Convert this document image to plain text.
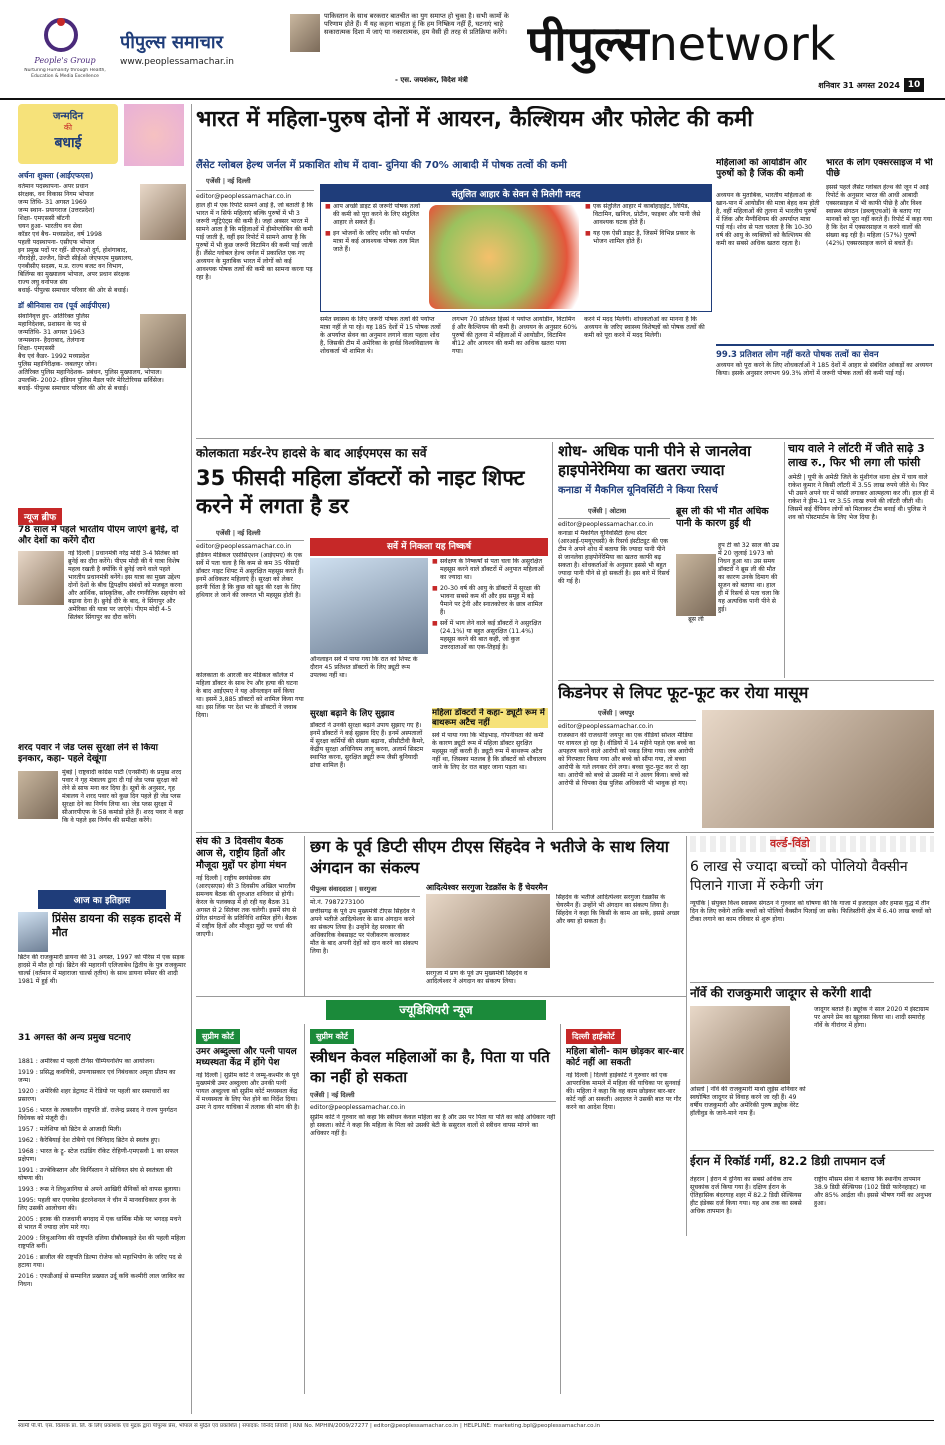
People's Group
Nurturing Humanity through Health, Education & Media Excellence
पीपुल्स समाचार
www.peoplessamachar.in
पाकिस्तान के साथ बरकरार बातचीत का युग समाप्त हो चुका है। सभी कामों के परिणाम होते हैं। मैं यह कहना चाहता हूं कि हम निष्क्रिय नहीं हैं, घटनाएं चाहे सकारात्मक दिशा में जाएं या नकारात्मक, हम वैसी ही तरह से प्रतिक्रिया करेंगे।
- एस. जयशंकर, विदेश मंत्री
पीपुल्सnetwork
शनिवार 31 अगस्त 2024 10
जन्मदिन
की
बधाई
अर्चना शुक्ला (आईएफएस)
वर्तमान पदस्थापना- अपर प्रधान
संरक्षक, वन विकास निगम भोपाल
जन्म तिथि- 31 अगस्त 1969
जन्म स्थान- प्रयागराज (उत्तरप्रदेश)
शिक्षा- एमएससी बॉटनी
चयन हुआ- भारतीय वन सेवा
कॉडर एवं बैच- मध्यप्रदेश, वर्ष 1998
पहली पदस्थापना- एसीएफ भोपाल
इन प्रमुख पदों पर रहीं- डीएफओ दुर्ग, होशंगाबाद,
नौरादेही, उज्जैन, डिप्टी सीईओ जेएफएम मुख्यालय,
एनबीसीए सदस्य, म.प्र. राज्य बजट वन विभाग,
बिलिंग्स का मुख्यालय भोपाल, अपर प्रधान संरक्षक
राज्य लघु वनोपज संघ
बधाई- पीपुल्स समाचार परिवार की ओर से बधाई।
डॉ श्रीनिवास राव (पूर्व आईपीएस)
सेवानिवृत्त हुए- अतिरिक्त पुलिस
महानिदेशक, प्रशासन के पद से
जन्मतिथि- 31 अगस्त 1963
जन्मस्थान- हैदराबाद, तेलंगाना
शिक्षा- एमएससी
बैच एवं कैडर- 1992 मध्यप्रदेश
पुलिस महानिरीक्षक- जबलपुर जोन।
अतिरिक्त पुलिस महानिदेशक- प्रबंधन, पुलिस मुख्यालय, भोपाल।
उपलब्धि- 2002- इंडियन पुलिस मैडल फॉर मेरिटोरियस सर्विसेज।
बधाई- पीपुल्स समाचार परिवार की ओर से बधाई।
न्यूज ब्रीफ
78 साल में पहले भारतीय पीएम जाएंगे ब्रुनेई, दो और देशों का करेंगे दौरा
नई दिल्ली | प्रधानमंत्री नरेंद्र मोदी 3-4 सितंबर को ब्रुनेई का दौरा करेंगे। पीएम मोदी की ये यात्रा विशेष महत्व रखती है क्योंकि ये ब्रुनेई जाने वाले पहले भारतीय प्रधानमंत्री बनेंगे। इस यात्रा का मुख्य उद्देश्य दोनों देशों के बीच द्विपक्षीय संबंधों को मजबूत करना और आर्थिक, सांस्कृतिक, और रणनीतिक सहयोग को बढ़ावा देना है। ब्रुनेई दौरे के बाद, वे सिंगापुर और अमेरिका की यात्रा पर जाएंगे। पीएम मोदी 4-5 सितंबर सिंगापुर का दौरा करेंगे।
शरद पवार ने जेड प्लस सुरक्षा लेने से किया इनकार, कहा- पहले देखूंगा
मुंबई | राष्ट्रवादी कांग्रेस पार्टी (एनसीपी) के प्रमुख शरद पवार ने गृह मंत्रालय द्वारा दी गई जेड प्लस सुरक्षा को लेने से साफ मना कर दिया है। सूत्रों के अनुसार, गृह मंत्रालय ने शरद पवार को कुछ दिन पहले ही जेड प्लस सुरक्षा देने का निर्णय लिया था। जेड प्लस सुरक्षा में सीआरपीएफ के 58 कमांडो होते हैं। शरद पवार ने कहा कि वे पहले इस निर्णय की समीक्षा करेंगे।
आज का इतिहास
प्रिंसेस डायना की सड़क हादसे में मौत
ब्रिटेन की राजकुमारी डायना की 31 अगस्त, 1997 को पेरिस में एक सड़क हादसे में मौत हो गई। ब्रिटेन की महारानी एलिजाबेथ द्वितीय के पुत्र राजकुमार चार्ल्स (वर्तमान में महाराजा चार्ल्स तृतीय) के साथ डायना स्पेंसर की शादी 1981 में हुई थी।
31 अगस्त की अन्य प्रमुख घटनाएं
1881 : अमेरिका में पहली टेनिस चैम्पियनशिप का आयोजन।
1919 : प्रसिद्ध कवयित्री, उपन्यासकार एवं निबंधकार अमृता प्रीतम का जन्म।
1920 : अमेरिकी शहर डेट्रायट में रेडियो पर पहली बार समाचारों का प्रसारण।
1956 : भारत के तत्कालीन राष्ट्रपति डॉ. राजेन्द्र प्रसाद ने राज्य पुनर्गठन विधेयक को मंजूरी दी।
1957 : मलेशिया को ब्रिटेन से आजादी मिली।
1962 : कैरेबियाई देश टोबैगो एवं त्रिनिदाद ब्रिटेन से स्वतंत्र हुए।
1968 : भारत के ट्रू- स्टेज राउंडिंग रॉकेट रोहिणी-एमएसवी 1 का सफल प्रक्षेपण।
1991 : उज्बेकिस्तान और किर्गिस्तान ने सोवियत संघ से स्वतंत्रता की घोषणा की।
1993 : रूस ने लिथुआनिया से अपने आखिरी सैनिकों को वापस बुलाया।
1995: पहली बार एयरबेस इंटरनेशनल ने चीन में मानवाधिकार हनन के लिए उसकी आलोचना की।
2005 : इराक की राजधानी बगदाद में एक धार्मिक मौके पर भगदड़ मचने से भारत मैं ज्यादा लोग मारे गए।
2009 : लिथुआनिया की राष्ट्रपति दलिया ग्रीबौस्काइते देश की पहली महिला राष्ट्रपति बनीं।
2016 : ब्राजील की राष्ट्रपति डिल्मा रोजेफ को महाभियोग के जरिए पद से हटाया गया।
2016 : एफडीआई से सम्मानित प्रख्यात उर्दू कवि कश्मीरी लाल जाकिर का निधन।
भारत में महिला-पुरुष दोनों में आयरन, कैल्शियम और फोलेट की कमी
लैंसेट ग्लोबल हेल्थ जर्नल में प्रकाशित शोध में दावा- दुनिया की 70% आबादी में पोषक तत्वों की कमी
एजेंसी | नई दिल्ली
editor@peoplessamachar.co.in
हाल ही में एक रिपोर्ट सामने आई है, जो बताती है कि भारत में न सिर्फ महिलाएं बल्कि पुरुषों में भी 3 जरूरी न्यूट्रिएंट्स की कमी है। जहां अक्सर भारत में सामने आता है कि महिलाओं में हीमोग्लोबिन की कमी पाई जाती है, वहीं इस रिपोर्ट में सामने आया है कि पुरुषों में भी कुछ जरूरी विटामिन की कमी पाई जाती है। लैंसेट ग्लोबल हेल्थ जर्नल में प्रकाशित एक नए अध्ययन के मुताबिक भारत में लोगों को कई आवश्यक पोषक तत्वों की कमी का सामना करना पड़ रहा है।
संतुलित आहार के सेवन से मिलेगी मदद
■ आप अच्छी डाइट से जरूरी पोषक तत्वों की कमी को पूरा करने के लिए संतुलित आहार ले सकते हैं।
■ इन भोजनों के जरिए शरीर को पर्याप्त मात्रा में कई आवश्यक पोषक तत्व मिल जाते हैं।
■ एक संतुलित आहार में कार्बोहाइड्रेट, लिपिड, विटामिन, खनिज, प्रोटीन, फाइबर और पानी जैसे आवश्यक घटक होते हैं।
■ यह एक ऐसी डाइट है, जिसमें विभिन्न प्रकार के भोजन शामिल होते हैं।
समेत स्वास्थ्य के लिए जरूरी पोषक तत्वों की पर्याप्त मात्रा नहीं ले पा रहे। यह 185 देशों में 15 पोषक तत्वों के अपर्याप्त सेवन का अनुमान लगाने वाला पहला शोध है, जिसकी टीम में अमेरिका के हार्वर्ड विश्वविद्यालय के शोधकर्ता भी शामिल थे।
लगभग 70 प्रतिशत हिस्से ने पर्याप्त आयोडीन, विटामिन ई और कैल्शियम की कमी है। अध्ययन के अनुसार 60% पुरुषों की तुलना में महिलाओं में आयोडीन, विटामिन बी12 और आयरन की कमी का अधिक खतरा पाया गया।
करने में मदद मिलेगी। शोधकर्ताओं का मानना है कि अध्ययन के जरिए स्वास्थ्य विशेषज्ञों को पोषक तत्वों की कमी को पूरा करने में मदद मिलेगी।
महिलाओं को आयोडीन और पुरुषों को है जिंक की कमी
अध्ययन के मुताबिक, भारतीय महिलाओं के खान-पान में आयोडीन की मात्रा बेहद कम होती है, वहीं महिलाओं की तुलना में भारतीय पुरुषों में जिंक और मैग्नीशियम की अपर्याप्त मात्रा पाई गई। शोध से पता चलता है कि 10-30 वर्ष की आयु के व्यक्तियों को कैल्शियम की कमी का सबसे अधिक खतरा रहता है।
भारत के लोग एक्सरसाइज में भी पीछे
इससे पहले लैंसेट ग्लोबल हेल्थ की जून में आई रिपोर्ट के अनुसार भारत की आधी आबादी एक्सरसाइज में भी काफी पीछे है और विश्व स्वास्थ्य संगठन (डब्ल्यूएचओ) के बताए गए मानकों को पूरा नहीं करते हैं। रिपोर्ट में कहा गया है कि देश में एक्सरसाइज न करने वालों की संख्या बढ़ रही है। महिला (57%) पुरुषों (42%) एक्सरसाइज करने से बचते हैं।
99.3 प्रतिशत लोग नहीं करते पोषक तत्वों का सेवन
अध्ययन को पूरा करने के लिए शोधकर्ताओं ने 185 देशों में आहार से संबंधित आंकड़ों का अध्ययन किया। इसके अनुसार लगभग 99.3% लोगों में जरूरी पोषक तत्वों की कमी पाई गई।
कोलकाता मर्डर-रेप हादसे के बाद आईएमएस का सर्वे
35 फीसदी महिला डॉक्टरों को नाइट शिफ्ट करने में लगता है डर
एजेंसी | नई दिल्ली
editor@peoplessamachar.co.in
इंडियन मेडिकल एसोसिएशन (आईएमए) के एक सर्वे में पता चला है कि कम से कम 35 फीसदी डॉक्टर नाइट शिफ्ट में असुरक्षित महसूस करते हैं। इनमें अधिकतर महिलाएं हैं। सुरक्षा को लेकर इतनी चिंता है कि कुछ को खुद की रक्षा के लिए हथियार ले जाने की जरूरत भी महसूस होती है।
कोलकाता के आरजी कर मेडिकल कॉलेज में महिला डॉक्टर के साथ रेप और हत्या की घटना के बाद आईएमए ने यह ऑनलाइन सर्वे किया था। इसमें 3,885 डॉक्टरों को शामिल किया गया था। इस लिंक पर देश भर के डॉक्टरों ने जवाब दिया।
सर्वे में निकला यह निष्कर्ष
ऑनलाइन सर्वे में पाया गया कि रात को शिफ्ट के दौरान 45 प्रतिशत डॉक्टरों के लिए ड्यूटी रूम उपलब्ध नहीं था।
■ सर्वेक्षण के निष्कर्षों से पता चला कि असुरक्षित महसूस करने वाले डॉक्टरों में अनुपात महिलाओं का ज्यादा था।
■ 20-30 वर्ष की आयु के डॉक्टरों में सुरक्षा की भावना सबसे कम थी और इस समूह में बड़े पैमाने पर ट्रेनी और स्नातकोत्तर के छात्र शामिल हैं।
■ सर्वे में भाग लेने वाले कई डॉक्टरों ने असुरक्षित (24.1%) या बहुत असुरक्षित (11.4%) महसूस करने की बात कही, जो कुल उत्तरदाताओं का एक-तिहाई है।
सुरक्षा बढ़ाने के लिए सुझाव
डॉक्टरों ने उनकी सुरक्षा बढ़ाने उपाय सुझाए गए हैं। इनमें डॉक्टरों ने कई सुझाव दिए हैं। इनमें अस्पतालों में सुरक्षा कर्मियों की संख्या बढ़ाना, सीसीटीवी कैमरे, केंद्रीय सुरक्षा अधिनियम लागू करना, अलार्म सिस्टम स्थापित करना, सुरक्षित ड्यूटी रूम जैसी बुनियादी ढांचा शामिल हैं।
महिला डॉक्टरों ने कहा- ड्यूटी रूम में बाथरूम अटैच नहीं
सर्वे में पाया गया कि भीड़भाड़, गोपनीयता की कमी के कारण ड्यूटी रूम में महिला डॉक्टर सुरक्षित महसूस नहीं करती हैं। ड्यूटी रूम में बाथरूम अटैच नहीं था, जिसका मतलब है कि डॉक्टरों को शौचालय जाने के लिए देर रात बाहर जाना पड़ता था।
शोध- अधिक पानी पीने से जानलेवा
हाइपोनेरेमिया का खतरा ज्यादा
कनाडा में मैकगिल यूनिवर्सिटी ने किया रिसर्च
एजेंसी | ओटावा
editor@peoplessamachar.co.in
कनाडा में मैकगिल यूनिवर्सिटी हेल्थ सेंटर (आरआई-एमयूएचसी) के रिसर्च इंस्टीट्यूट की एक टीम ने अपने शोध में बताया कि ज्यादा पानी पीने से जानलेवा हाइपोनेरेमिया का खतरा काफी बढ़ सकता है। शोधकर्ताओं के अनुसार इससे भी बहुत ज्यादा पानी पीने से हो सकती है। इस बारे में रिसर्च की गई है।
ब्रूस ली की भी मौत अधिक पानी के कारण हुई थी
ब्रूस ली
हूप टी को 32 साल की उम्र में 20 जुलाई 1973 को निधन हुआ था। उस समय डॉक्टरों ने ब्रूस ली की मौत का कारण उनके दिमाग की सूजन को बताया था। हाल ही में रिसर्च से पता चला कि यह अत्यधिक पानी पीने से हुई।
चाय वाले ने लॉटरी में जीते साढ़े 3 लाख रु., फिर भी लगा ली फांसी
अमेठी | यूपी के अमेठी जिले के मुंशीगंज थाना क्षेत्र में चाय वाले राकेश कुमार ने किसी लॉटरी में 3.55 लाख रुपये जीते थे। फिर भी उसने अपने घर में फांसी लगाकर आत्महत्या कर ली। हाल ही में राकेश ने ड्रीम-11 पर 3.55 लाख रुपये की लॉटरी जीती थी। जिसमें कई चैंपियन लोगों को मिलाकर टीम बनाई थी। पुलिस ने शव को पोस्टमार्टम के लिए भेज दिया है।
किडनेपर से लिपट फूट-फूट कर रोया मासूम
एजेंसी | जयपुर
editor@peoplessamachar.co.in
राजस्थान की राजधानी जयपुर का एक वीडियो सोशल मीडिया पर वायरल हो रहा है। वीडियो में 14 महीने पहले एक बच्चे का अपहरण करने वाले आरोपी को पकड़ लिया गया। जब आरोपी को गिरफ्तार किया गया और बच्चे को सौंपा गया, तो बच्चा आरोपी के गले लगकर रोने लगा। बच्चा फूट-फूट कर रो रहा था। आरोपी को बच्चे से उसकी मां ने अलग किया। बच्चे को आरोपी से चिपका देख पुलिस अधिकारी भी भावुक हो गए।
संघ की 3 दिवसीय बैठक आज से, राष्ट्रीय हितों और मौजूदा मुद्दों पर होगा मंथन
नई दिल्ली | राष्ट्रीय स्वयंसेवक संघ (आरएसएस) की 3 दिवसीय अखिल भारतीय समन्वय बैठक की शुरुआत शनिवार से होगी। केरल के पलक्कड़ में हो रही यह बैठक 31 अगस्त से 2 सितंबर तक चलेगी। इसमें संघ से प्रेरित संगठनों के प्रतिनिधि शामिल होंगे। बैठक में राष्ट्रीय हितों और मौजूदा मुद्दों पर चर्चा की जाएगी।
छग के पूर्व डिप्टी सीएम टीएस सिंहदेव ने भतीजे के साथ लिया अंगदान का संकल्प
पीपुल्स संवाददाता | सरगुजा
मो.नं. 7987273100
छत्तीसगढ़ के पूर्व उप मुख्यमंत्री टीएस सिंहदेव ने अपने भतीजे आदित्येश्वर के साथ अंगदान करने का संकल्प लिया है। उन्होंने देह सरकार की अधिकारिक वेबसाइट पर पंजीकरण करवाकर मौत के बाद अपनी देहों को दान करने का संकल्प लिया है।
आदित्येश्वर सरगुजा रेडक्रॉस के हैं चेयरमैन
सरगुजा में प्रण के पूर्व उप मुख्यमंत्री सिंहदेव व आदित्येश्वर ने अंगदान का संकल्प लिया।
सिंहदेव के भतीजे आदित्येश्वर सरगुजा रेडक्रॉस के चेयरमैन हैं। उन्होंने भी अंगदान का संकल्प लिया है। सिंहदेव ने कहा कि किसी के काम आ सकें, इससे अच्छा और क्या हो सकता है।
वर्ल्ड-विंडो
6 लाख से ज्यादा बच्चों को पोलियो वैक्सीन पिलाने गाजा में रुकेगी जंग
न्यूयॉर्क | संयुक्त विश्व स्वास्थ्य संगठन ने गुरुवार को घोषणा की कि गाजा में इजराइल और हमास युद्ध में तीन दिन के लिए रुकेंगे ताकि बच्चों को पोलियो वैक्सीन पिलाई जा सके। फिलिस्तीनी क्षेत्र में 6.40 लाख बच्चों को टीका लगाने का काम रविवार से शुरू होगा।
नॉर्वे की राजकुमारी जादूगर से करेंगी शादी
ओस्लो | नॉर्वे की राजकुमारी मार्था लुईस शनिवार को स्वघोषित जादूगर से विवाह करने जा रही हैं। 49 वर्षीय राजकुमारी और अमेरिकी पुरुष ड्यूरेक वेरेट हॉलीवुड के जाने-माने नाम हैं।
जादूगर बताते हैं। ड्यूरेक ने साल 2020 में इंस्टाग्राम पर अपने प्रेम का खुलासा किया था। शादी समारोह नॉर्वे के गीरांगर में होगा।
ईरान में रिकॉर्ड गर्मी, 82.2 डिग्री तापमान दर्ज
तेहरान | ईरान में दुनिया का सबसे अधिक ताप सूचकांक दर्ज किया गया है। दक्षिण ईरान के ऐतिहासिक बंदरगाह शहर में 82.2 डिग्री सेल्सियस हीट इंडेक्स दर्ज किया गया। यह अब तक का सबसे अधिक तापमान है।
राष्ट्रीय मौसम सेवा ने बताया कि स्थानीय तापमान 38.9 डिग्री सेल्सियस (102 डिग्री फारेनहाइट) था और 85% आर्द्रता थी। इससे भीषण गर्मी का अनुभव हुआ।
ज्यूडिशियरी न्यूज
सुप्रीम कोर्ट
उमर अब्दुल्ला और पत्नी पायल मध्यस्थता केंद्र में होंगे पेश
नई दिल्ली | सुप्रीम कोर्ट ने जम्मू-कश्मीर के पूर्व मुख्यमंत्री उमर अब्दुल्ला और उनकी पत्नी पायल अब्दुल्ला को सुप्रीम कोर्ट मध्यस्थता केंद्र में मध्यस्थता के लिए पेश होने का निर्देश दिया। उमर ने दायर याचिका में तलाक की मांग की है।
सुप्रीम कोर्ट
स्त्रीधन केवल महिलाओं का है, पिता या पति का नहीं हो सकता
एजेंसी | नई दिल्ली
editor@peoplessamachar.co.in
सुप्रीम कोर्ट ने गुरुवार को कहा कि स्त्रीधन केवल महिला का है और उस पर पिता या पति का कोई अधिकार नहीं हो सकता। कोर्ट ने कहा कि महिला के पिता को उसकी बेटी के ससुराल वालों से स्त्रीधन वापस मांगने का अधिकार नहीं है।
दिल्ली हाईकोर्ट
महिला बोली- काम छोड़कर बार-बार कोर्ट नहीं आ सकती
नई दिल्ली | दिल्ली हाईकोर्ट ने गुरुवार को एक आपराधिक मामले में महिला की याचिका पर सुनवाई की। महिला ने कहा कि वह काम छोड़कर बार-बार कोर्ट नहीं आ सकती। अदालत ने उसकी बात पर गौर करने का आदेश दिया।
स्वामी पी.पी. एस. वितरक प्रा. लि. के लिए प्रकाशक एवं मुद्रक द्वारा पीपुल्स प्रेस, भोपाल से मुद्रित एवं प्रकाशित | संपादक: विनोद तिवारी | RNI No. MPHIN/2009/27277 | editor@peoplessamachar.co.in | HELPLINE: marketing.bpl@peoplessamachar.co.in
